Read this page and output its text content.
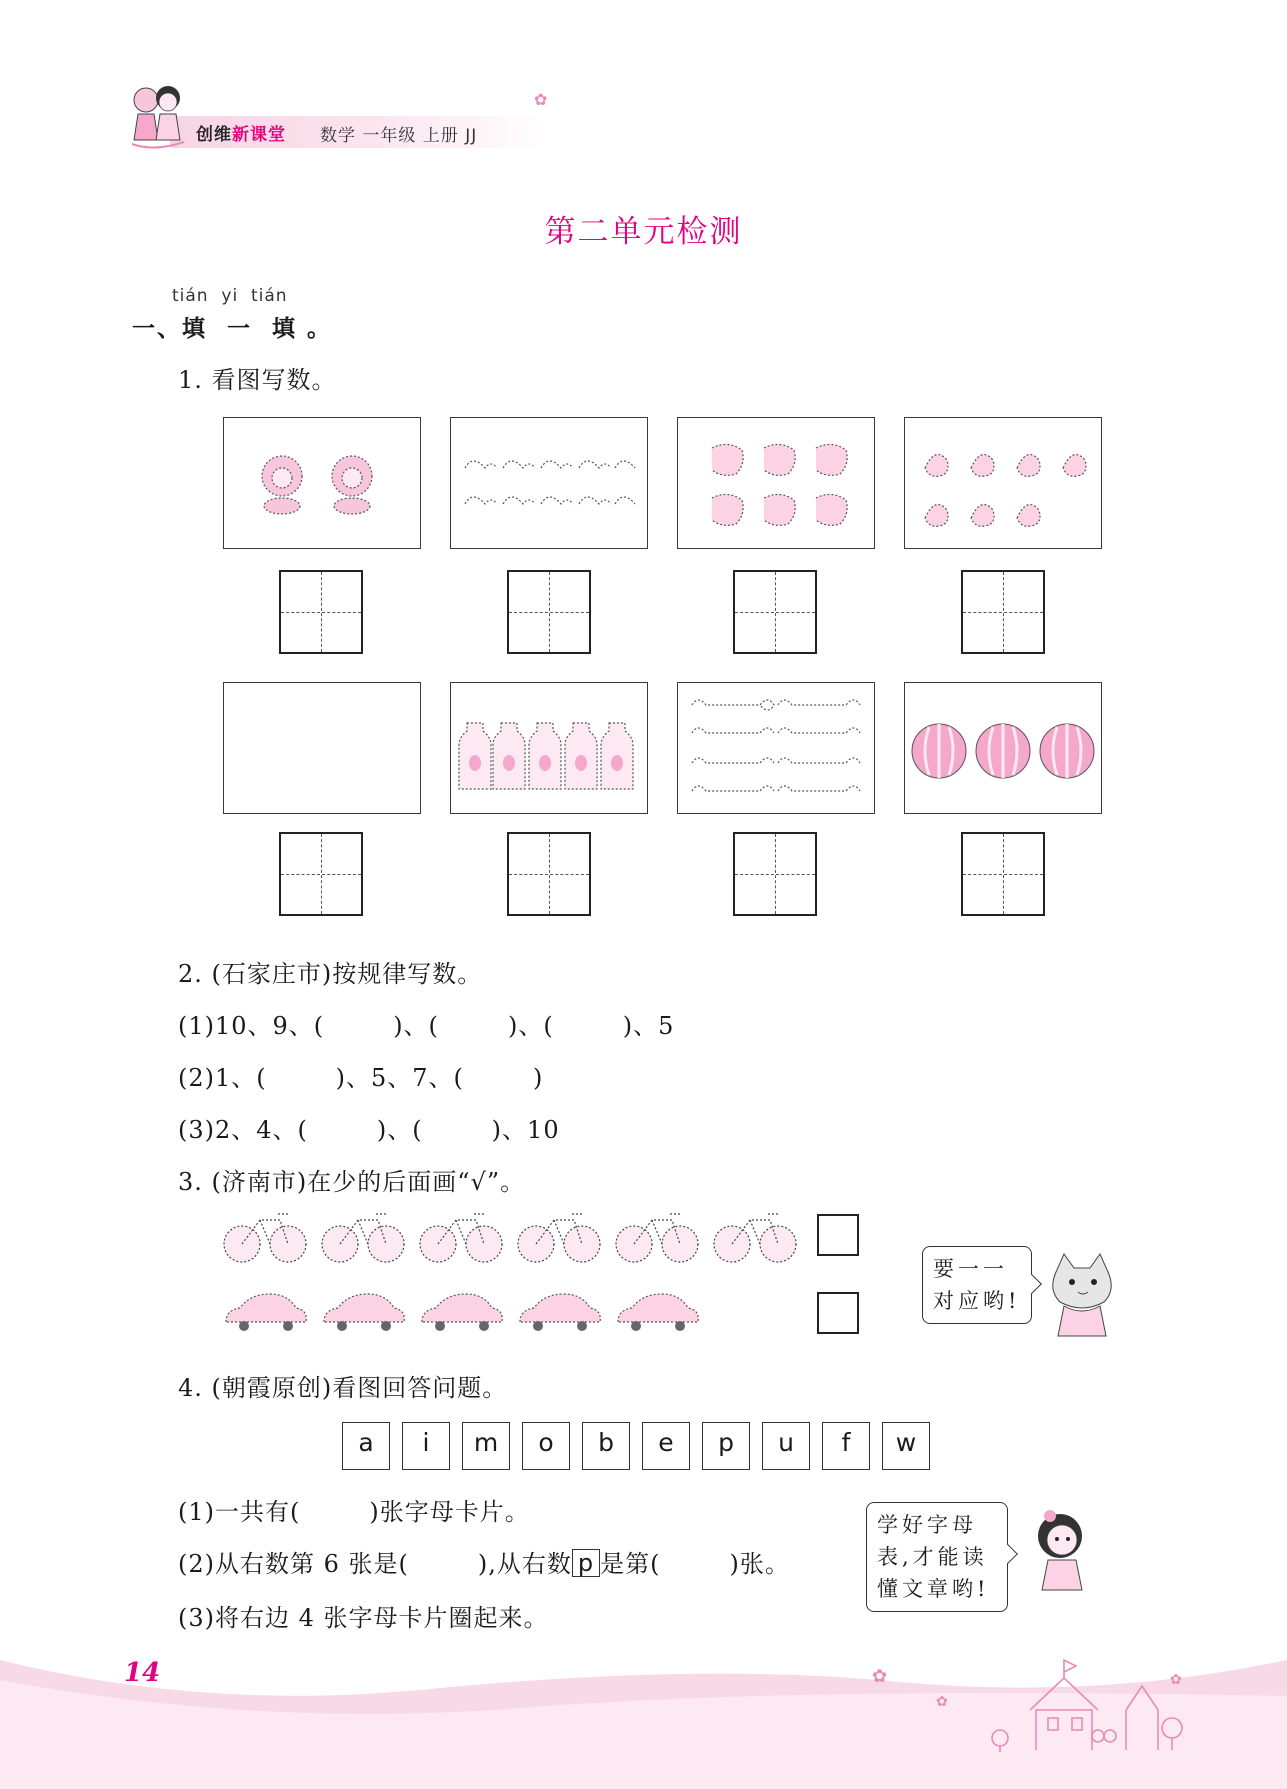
创维新课堂 数学 一年级 上册 JJ
✿
第二单元检测
tián  yi  tián
一、填  一  填 。
1. 看图写数。
2. (石家庄市)按规律写数。
(1)10、9、(        )、(        )、(        )、5
(2)1、(        )、5、7、(        )
(3)2、4、(        )、(        )、10
3. (济南市)在少的后面画“√”。
要一一
对应哟!
4. (朝霞原创)看图回答问题。
a	i	m	o	b	e	p	u	f	w
(1)一共有(        )张字母卡片。
(2)从右数第 6 张是(        ),从右数 p 是第(        )张。
(3)将右边 4 张字母卡片圈起来。
学好字母
表,才能读
懂文章哟!
✿
✿
✿
14
